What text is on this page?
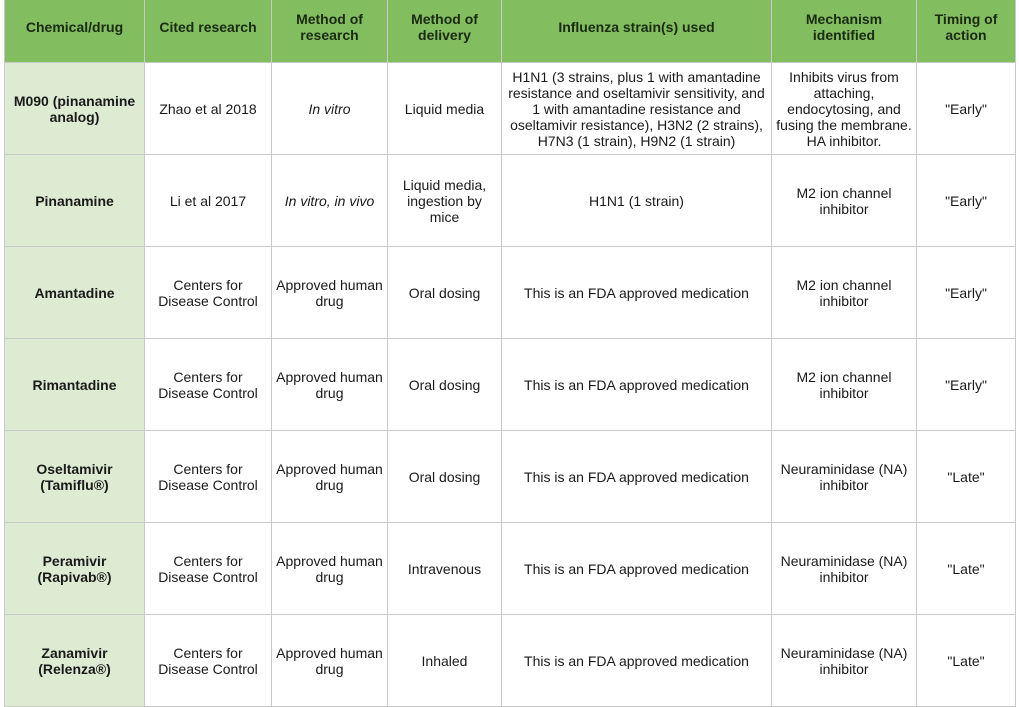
Chemical/drug	Cited research	Method of research	Method of delivery	Influenza strain(s) used	Mechanism identified	Timing of action
M090 (pinanamine analog)	Zhao et al 2018	In vitro	Liquid media	H1N1 (3 strains, plus 1 with amantadine resistance and oseltamivir sensitivity, and 1 with amantadine resistance and oseltamivir resistance), H3N2 (2 strains), H7N3 (1 strain), H9N2 (1 strain)	Inhibits virus from attaching, endocytosing, and fusing the membrane. HA inhibitor.	"Early"
Pinanamine	Li et al 2017	In vitro, in vivo	Liquid media, ingestion by mice	H1N1 (1 strain)	M2 ion channel inhibitor	"Early"
Amantadine	Centers for Disease Control	Approved human drug	Oral dosing	This is an FDA approved medication	M2 ion channel inhibitor	"Early"
Rimantadine	Centers for Disease Control	Approved human drug	Oral dosing	This is an FDA approved medication	M2 ion channel inhibitor	"Early"
Oseltamivir (Tamiflu®)	Centers for Disease Control	Approved human drug	Oral dosing	This is an FDA approved medication	Neuraminidase (NA) inhibitor	"Late"
Peramivir (Rapivab®)	Centers for Disease Control	Approved human drug	Intravenous	This is an FDA approved medication	Neuraminidase (NA) inhibitor	"Late"
Zanamivir (Relenza®)	Centers for Disease Control	Approved human drug	Inhaled	This is an FDA approved medication	Neuraminidase (NA) inhibitor	"Late"
